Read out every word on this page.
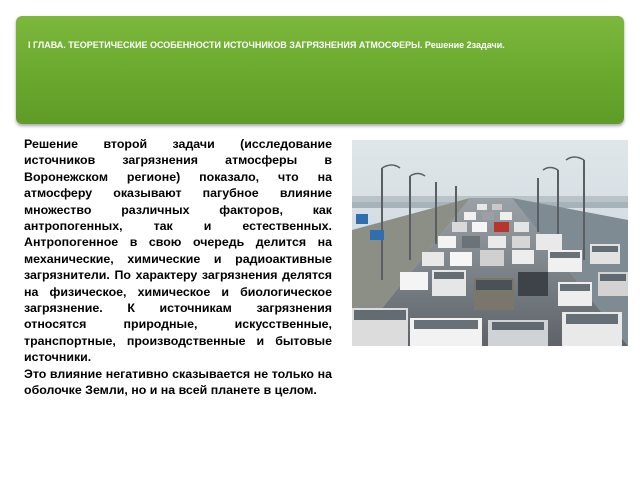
I ГЛАВА. ТЕОРЕТИЧЕСКИЕ ОСОБЕННОСТИ ИСТОЧНИКОВ ЗАГРЯЗНЕНИЯ АТМОСФЕРЫ. Решение 2задачи.

Решение второй задачи (исследование источников загрязнения атмосферы в Воронежском регионе) показало, что на атмосферу оказывают пагубное влияние множество различных факторов, как антропогенных, так и естественных. Антропогенное в свою очередь делится на механические, химические и радиоактивные загрязнители. По характеру загрязнения делятся на физическое, химическое и биологическое загрязнение. К источникам загрязнения относятся природные, искусственные, транспортные, производственные и бытовые источники.

Это влияние негативно сказывается не только на оболочке Земли, но и на всей планете в целом.
